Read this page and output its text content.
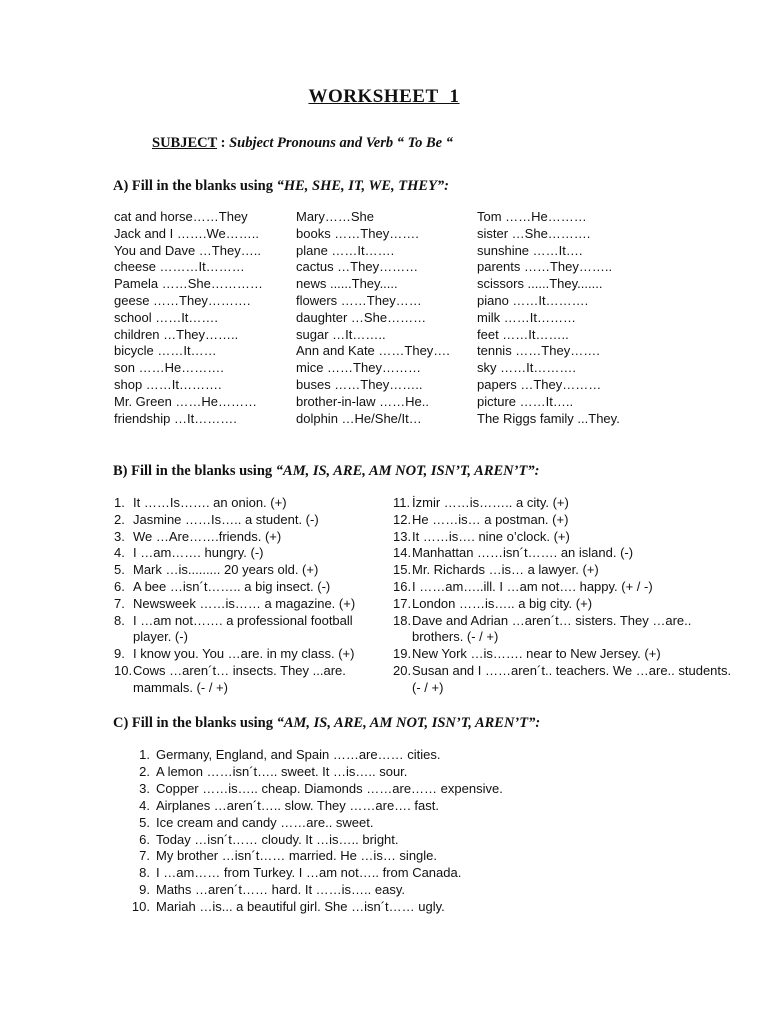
WORKSHEET 1
SUBJECT : Subject Pronouns and Verb “ To Be “
A) Fill in the blanks using “HE, SHE, IT, WE, THEY”:
cat and horse……They
Jack and I …….We……..
You and Dave …They…..
cheese ………It………
Pamela ……She…………
geese ……They……….
school ……It…….
children …They……..
bicycle ……It……
son ……He……….
shop ……It……….
Mr. Green ……He………
friendship …It……….
Mary……She
books ……They…….
plane ……It…….
cactus …They………
news ......They.....
flowers ……They……
daughter …She………
sugar …It……..
Ann and Kate ……They….
mice ……They………
buses ……They……..
brother-in-law ……He..
dolphin …He/She/It…
Tom ……He………
sister …She……….
sunshine ……It….
parents ……They……..
scissors ......They.......
piano ……It……….
milk ……It………
feet ……It……..
tennis ……They…….
sky ……It……….
papers …They………
picture ……It…..
The Riggs family ...They.
B) Fill in the blanks using “AM, IS, ARE, AM NOT, ISN’T, AREN’T”:
1. It ……Is……. an onion. (+)
2. Jasmine ……Is….. a student. (-)
3. We …Are…….friends. (+)
4. I …am……. hungry. (-)
5. Mark …is......... 20 years old. (+)
6. A bee …isn´t…….. a big insect. (-)
7. Newsweek ……is…… a magazine. (+)
8. I …am not……. a professional football player. (-)
9. I know you. You …are. in my class. (+)
10. Cows …aren´t… insects. They ...are. mammals. (- / +)
11. İzmir ……is…….. a city. (+)
12. He ……is… a postman. (+)
13. It ……is…. nine o’clock. (+)
14. Manhattan ……isn´t……. an island. (-)
15. Mr. Richards …is… a lawyer. (+)
16. I ……am…..ill. I …am not…. happy. (+ / -)
17. London ……is….. a big city. (+)
18. Dave and Adrian …aren´t… sisters. They …are.. brothers. (- / +)
19. New York …is……. near to New Jersey. (+)
20. Susan and I ……aren´t.. teachers. We …are.. students. (- / +)
C) Fill in the blanks using “AM, IS, ARE, AM NOT, ISN’T, AREN’T”:
1. Germany, England, and Spain ……are…… cities.
2. A lemon ……isn´t….. sweet. It …is….. sour.
3. Copper ……is….. cheap. Diamonds ……are…… expensive.
4. Airplanes …aren´t….. slow. They ……are…. fast.
5. Ice cream and candy ……are.. sweet.
6. Today …isn´t…… cloudy. It …is….. bright.
7. My brother …isn´t…… married. He …is… single.
8. I …am…… from Turkey. I …am not….. from Canada.
9. Maths …aren´t…… hard. It ……is….. easy.
10. Mariah …is... a beautiful girl. She …isn´t…… ugly.
